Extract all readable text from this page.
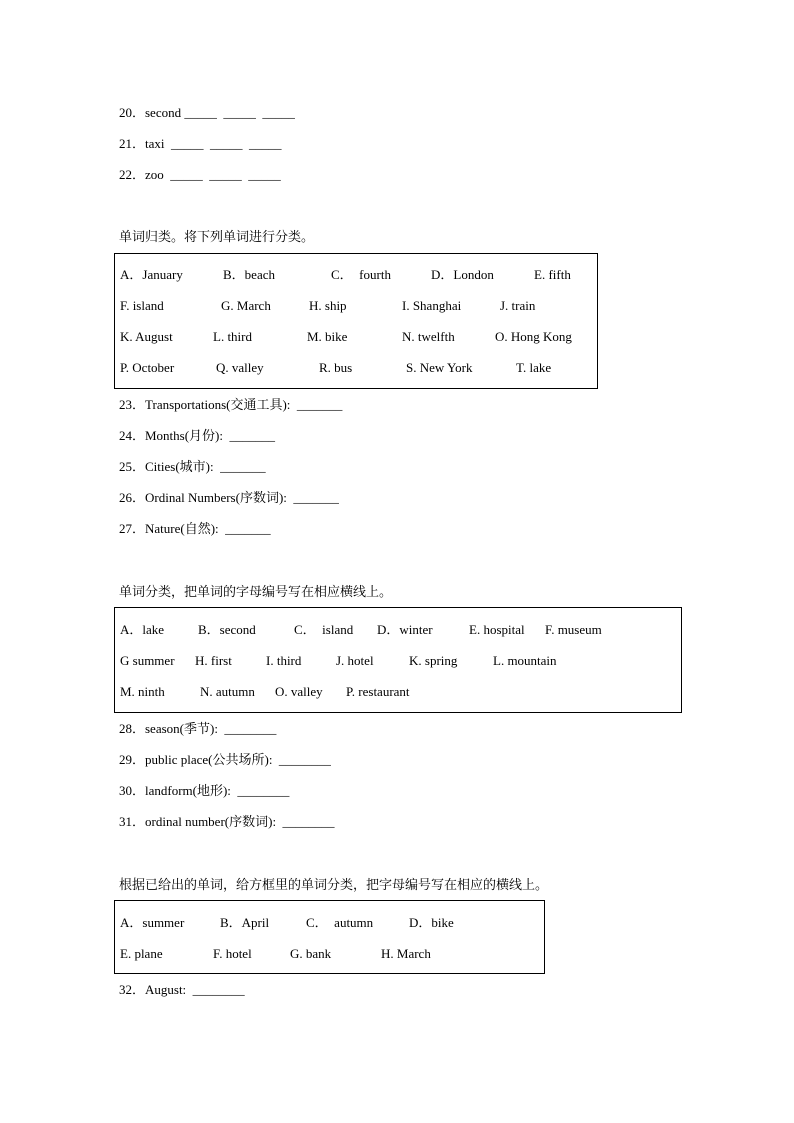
20．second _____  _____  _____
21．taxi  _____  _____  _____
22．zoo  _____  _____  _____
单词归类。将下列单词进行分类。
A．January	B．beach	C．  fourth	D．London	E. fifth
F. island	G. March	H. ship	I. Shanghai	J. train
K. August	L. third	M. bike	N. twelfth	O. Hong Kong
P. October	Q. valley	R. bus	S. New York	T. lake
23．Transportations(交通工具):  _______
24．Months(月份):  _______
25．Cities(城市):  _______
26．Ordinal Numbers(序数词):  _______
27．Nature(自然):  _______
单词分类，把单词的字母编号写在相应横线上。
A．lake	B．second	C．  island D．winter	E. hospital F. museum
G summer H. first	I. third	J. hotel	K. spring	L. mountain
M. ninth	N. autumn O. valley P. restaurant
28．season(季节):  ________
29．public place(公共场所):  ________
30．landform(地形):  ________
31．ordinal number(序数词):  ________
根据已给出的单词，给方框里的单词分类，把字母编号写在相应的横线上。
A．summer	B．April	C．  autumn	D．bike
E. plane	F. hotel	G. bank	H. March
32．August:  ________
